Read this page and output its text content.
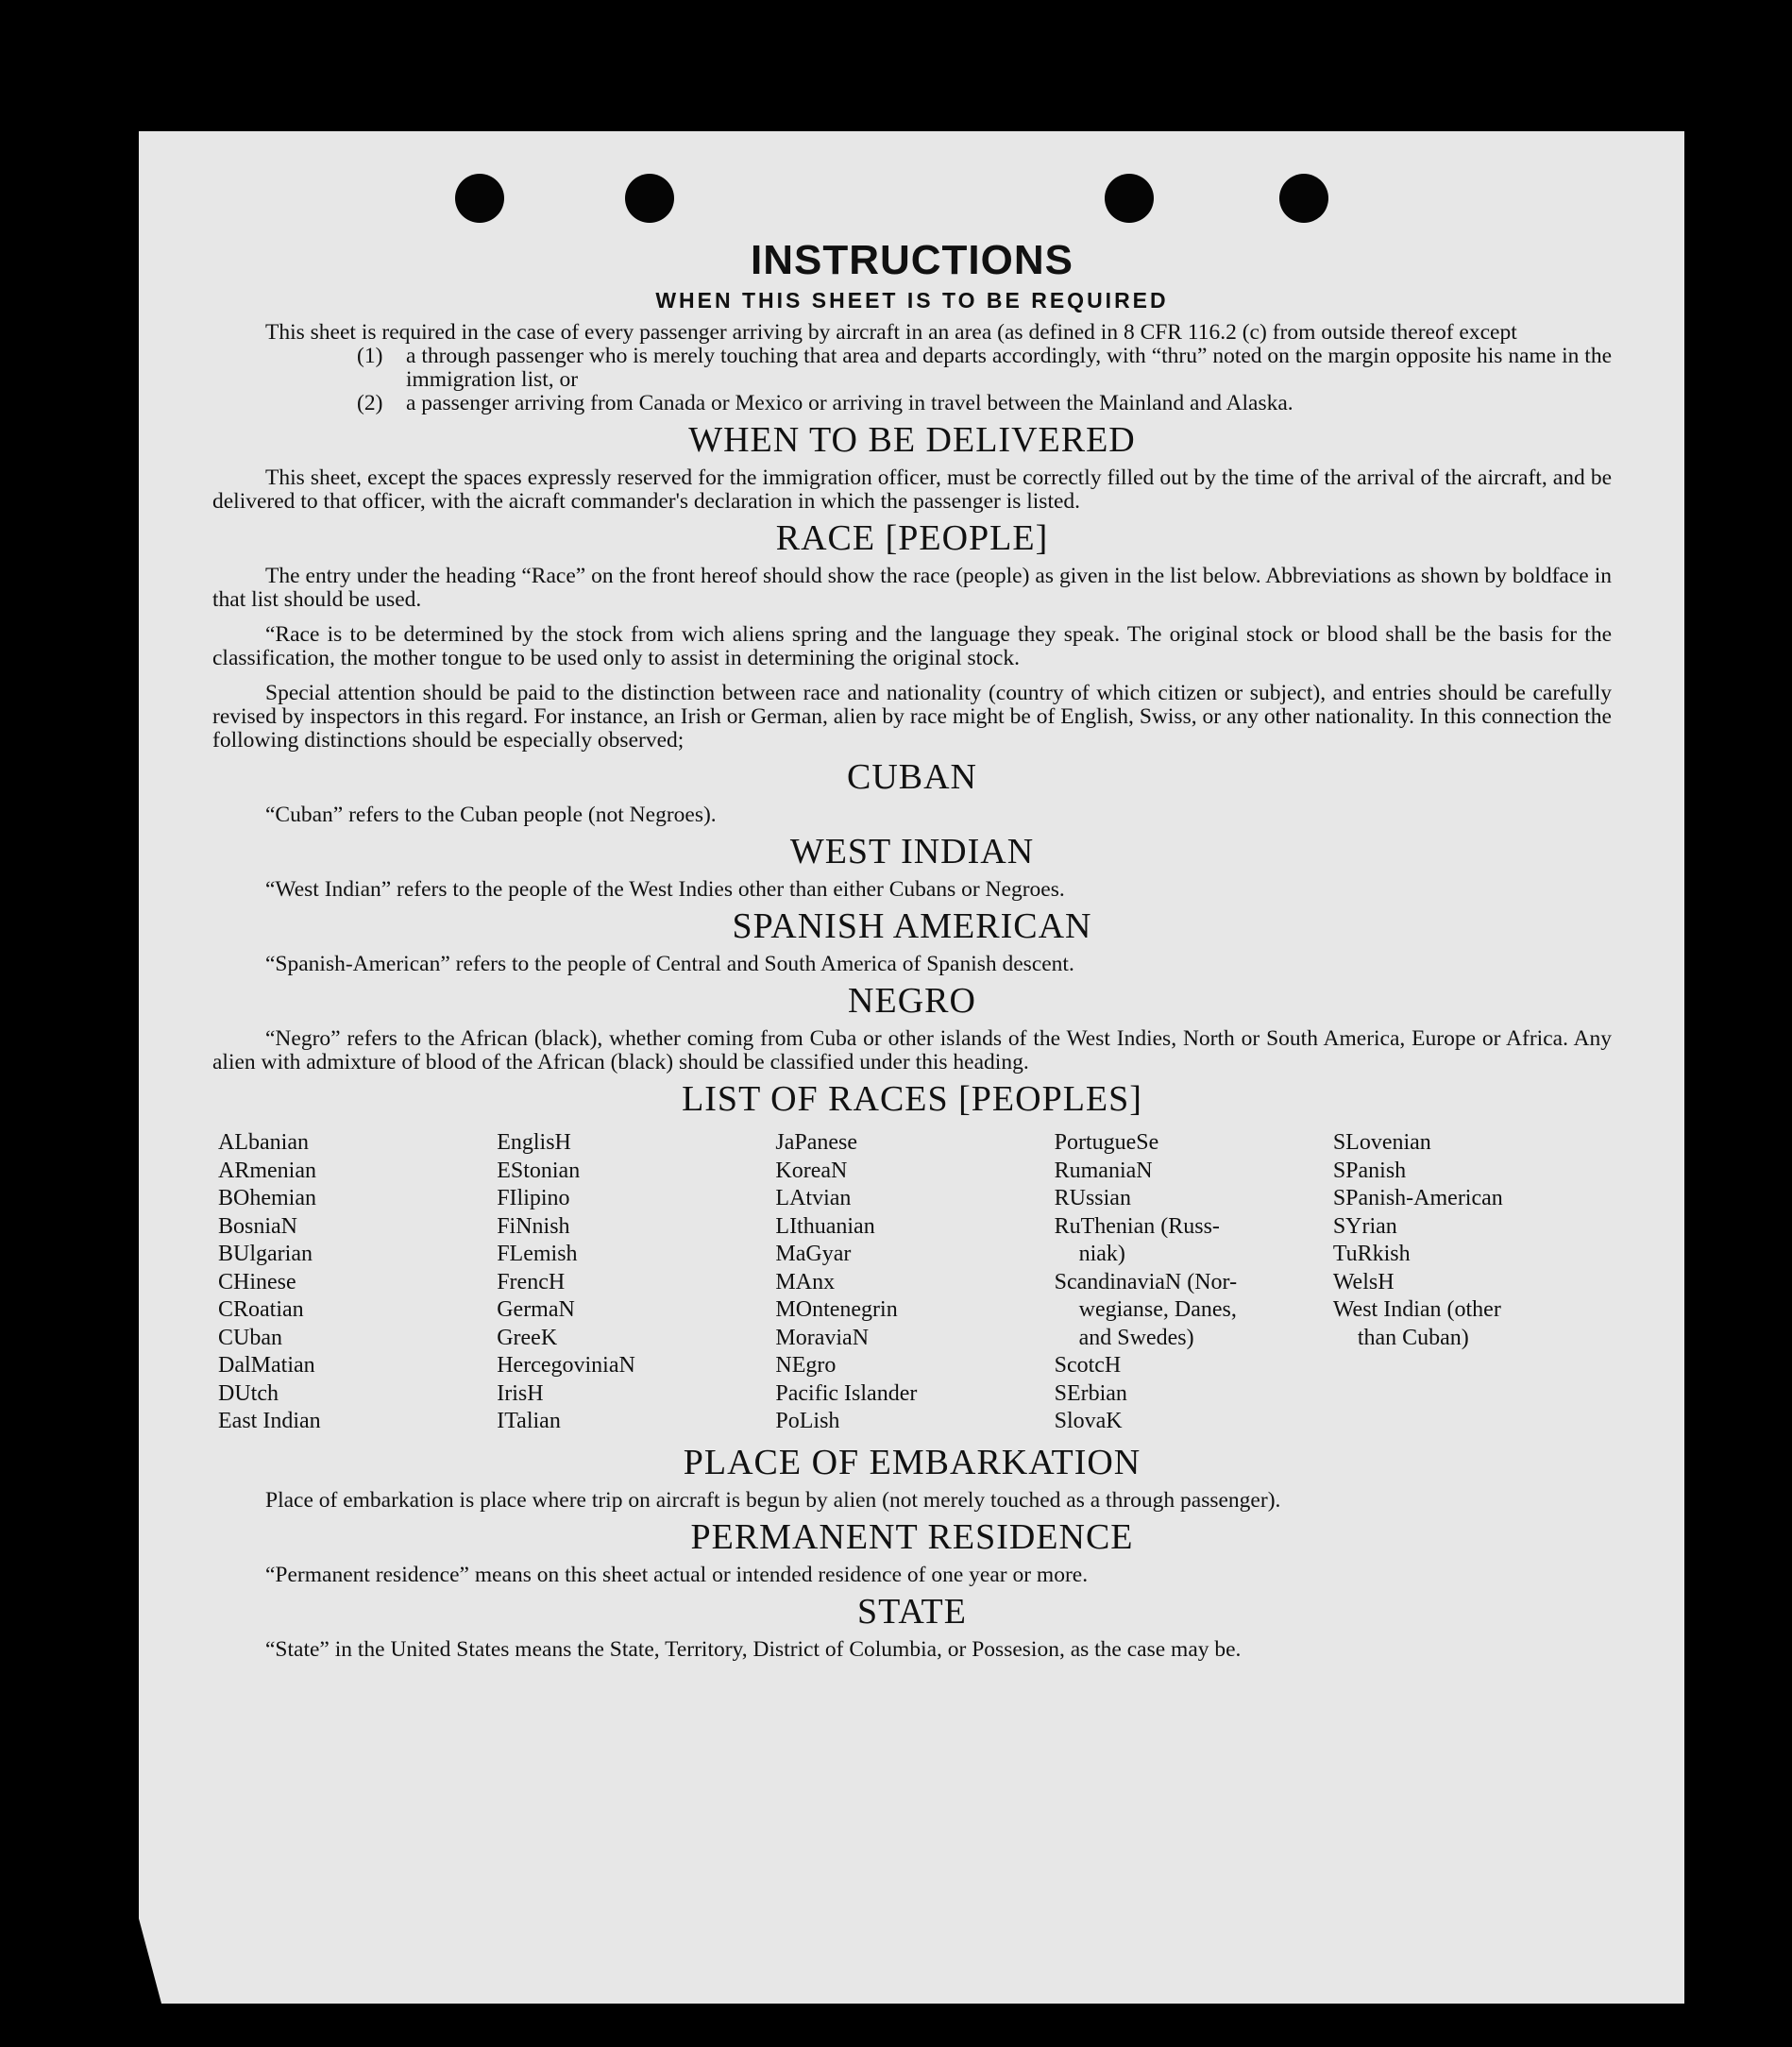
INSTRUCTIONS
WHEN THIS SHEET IS TO BE REQUIRED

This sheet is required in the case of every passenger arriving by aircraft in an area (as defined in 8 CFR 116.2 (c) from outside thereof except

(1) a through passenger who is merely touching that area and departs accordingly, with “thru” noted on the margin opposite his name in the immigration list, or

(2) a passenger arriving from Canada or Mexico or arriving in travel between the Mainland and Alaska.

WHEN TO BE DELIVERED

This sheet, except the spaces expressly reserved for the immigration officer, must be correctly filled out by the time of the arrival of the aircraft, and be delivered to that officer, with the aicraft commander's declaration in which the passenger is listed.

RACE [PEOPLE]

The entry under the heading “Race” on the front hereof should show the race (people) as given in the list below. Abbreviations as shown by boldface in that list should be used.

“Race is to be determined by the stock from wich aliens spring and the language they speak. The original stock or blood shall be the basis for the classification, the mother tongue to be used only to assist in determining the original stock.

Special attention should be paid to the distinction between race and nationality (country of which citizen or subject), and entries should be carefully revised by inspectors in this regard. For instance, an Irish or German, alien by race might be of English, Swiss, or any other nationality. In this connection the following distinctions should be especially observed;

CUBAN

“Cuban” refers to the Cuban people (not Negroes).

WEST INDIAN

“West Indian” refers to the people of the West Indies other than either Cubans or Negroes.

SPANISH AMERICAN

“Spanish-American” refers to the people of Central and South America of Spanish descent.

NEGRO

“Negro” refers to the African (black), whether coming from Cuba or other islands of the West Indies, North or South America, Europe or Africa. Any alien with admixture of blood of the African (black) should be classified under this heading.

LIST OF RACES [PEOPLES]
ALbanian
ARmenian
BOhemian
BosniaN
BUlgarian
CHinese
CRoatian
CUban
DalMatian
DUtch
East Indian
EnglisH
EStonian
FIlipino
FiNnish
FLemish
FrencH
GermaN
GreeK
HercegoviniaN
IrisH
ITalian
JaPanese
KoreaN
LAtvian
LIthuanian
MaGyar
MAnx
MOntenegrin
MoraviaN
NEgro
Pacific Islander
PoLish
PortugueSe
RumaniaN
RUssian
RuThenian (Russ-
niak)
ScandinaviaN (Nor-
wegianse, Danes,
and Swedes)
ScotcH
SErbian
SlovaK
SLovenian
SPanish
SPanish-American
SYrian
TuRkish
WelsH
West Indian (other
than Cuban)
PLACE OF EMBARKATION

Place of embarkation is place where trip on aircraft is begun by alien (not merely touched as a through passenger).

PERMANENT RESIDENCE

“Permanent residence” means on this sheet actual or intended residence of one year or more.

STATE

“State” in the United States means the State, Territory, District of Columbia, or Possesion, as the case may be.
